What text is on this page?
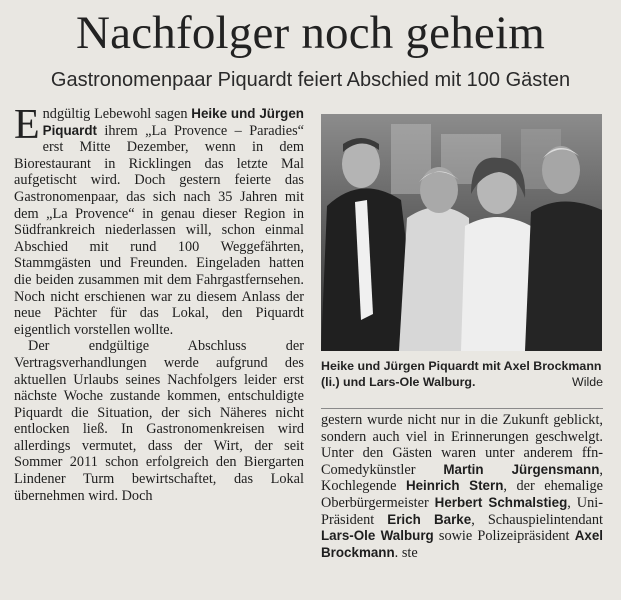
Nachfolger noch geheim
Gastronomenpaar Piquardt feiert Abschied mit 100 Gästen

Endgültig Lebewohl sagen Heike und Jürgen Piquardt ihrem „La Provence – Paradies“ erst Mitte Dezember, wenn in dem Biorestaurant in Ricklingen das letzte Mal aufgetischt wird. Doch gestern feierte das Gastronomenpaar, das sich nach 35 Jahren mit dem „La Provence“ in genau dieser Region in Südfrankreich niederlassen will, schon einmal Abschied mit rund 100 Weggefährten, Stammgästen und Freunden. Eingeladen hatten die beiden zusammen mit dem Fahrgastfernsehen. Noch nicht erschienen war zu diesem Anlass der neue Pächter für das Lokal, den Piquardt eigentlich vorstellen wollte.

Der endgültige Abschluss der Vertragsverhandlungen werde aufgrund des aktuellen Urlaubs seines Nachfolgers leider erst nächste Woche zustande kommen, entschuldigte Piquardt die Situation, der sich Näheres nicht entlocken ließ. In Gastronomenkreisen wird allerdings vermutet, dass der Wirt, der seit Sommer 2011 schon erfolgreich den Biergarten Lindener Turm bewirtschaftet, das Lokal übernehmen wird. Doch

Heike und Jürgen Piquardt mit Axel Brockmann (li.) und Lars-Ole Walburg.	Wilde

gestern wurde nicht nur in die Zukunft geblickt, sondern auch viel in Erinnerungen geschwelgt. Unter den Gästen waren unter anderem ffn-Comedykünstler Martin Jürgensmann, Kochlegende Heinrich Stern, der ehemalige Oberbürgermeister Herbert Schmalstieg, Uni-Präsident Erich Barke, Schauspielintendant Lars-Ole Walburg sowie Polizeipräsident Axel Brockmann. ste
